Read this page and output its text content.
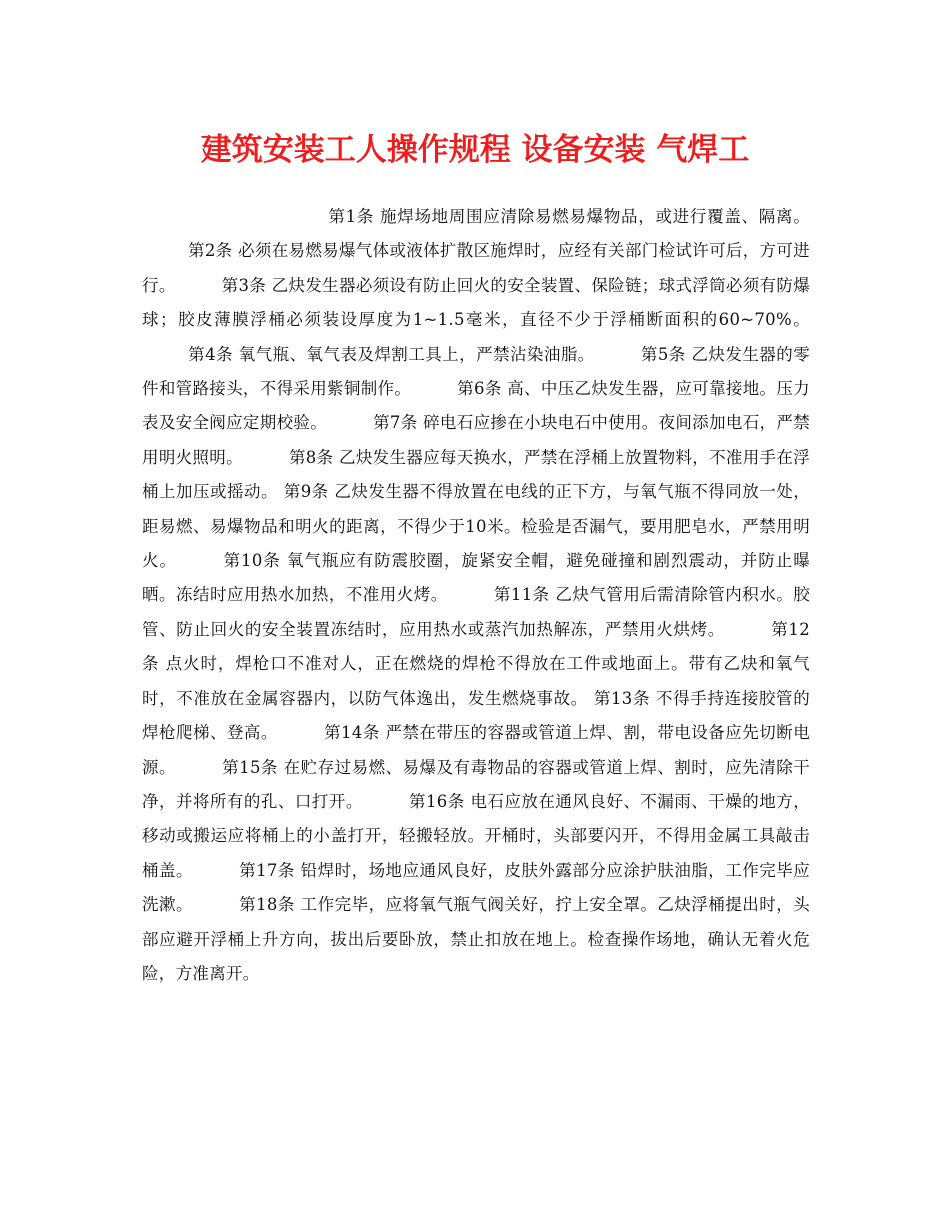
建筑安装工人操作规程 设备安装 气焊工

第1条 施焊场地周围应清除易燃易爆物品，或进行覆盖、隔离。第2条 必须在易燃易爆气体或液体扩散区施焊时，应经有关部门检试许可后，方可进行。	第3条 乙炔发生器必须设有防止回火的安全装置、保险链；球式浮筒必须有防爆球；胶皮薄膜浮桶必须装设厚度为1~1.5毫米，直径不少于浮桶断面积的60~70%。第4条 氧气瓶、氧气表及焊割工具上，严禁沾染油脂。	第5条 乙炔发生器的零件和管路接头，不得采用紫铜制作。	第6条 高、中压乙炔发生器，应可靠接地。压力表及安全阀应定期校验。	第7条 碎电石应掺在小块电石中使用。夜间添加电石，严禁用明火照明。	第8条 乙炔发生器应每天换水，严禁在浮桶上放置物料，不准用手在浮桶上加压或摇动。 第9条 乙炔发生器不得放置在电线的正下方，与氧气瓶不得同放一处，距易燃、易爆物品和明火的距离，不得少于10米。检验是否漏气，要用肥皂水，严禁用明火。	第10条 氧气瓶应有防震胶圈，旋紧安全帽，避免碰撞和剧烈震动，并防止曝晒。冻结时应用热水加热，不准用火烤。	第11条 乙炔气管用后需清除管内积水。胶管、防止回火的安全装置冻结时，应用热水或蒸汽加热解冻，严禁用火烘烤。	第12条 点火时，焊枪口不准对人，正在燃烧的焊枪不得放在工件或地面上。带有乙炔和氧气时，不准放在金属容器内，以防气体逸出，发生燃烧事故。 第13条 不得手持连接胶管的焊枪爬梯、登高。	第14条 严禁在带压的容器或管道上焊、割，带电设备应先切断电源。	第15条 在贮存过易燃、易爆及有毒物品的容器或管道上焊、割时，应先清除干净，并将所有的孔、口打开。	第16条 电石应放在通风良好、不漏雨、干燥的地方，移动或搬运应将桶上的小盖打开，轻搬轻放。开桶时，头部要闪开，不得用金属工具敲击桶盖。	第17条 铅焊时，场地应通风良好，皮肤外露部分应涂护肤油脂，工作完毕应洗漱。	第18条 工作完毕，应将氧气瓶气阀关好，拧上安全罩。乙炔浮桶提出时，头部应避开浮桶上升方向，拔出后要卧放，禁止扣放在地上。检查操作场地，确认无着火危险，方准离开。
